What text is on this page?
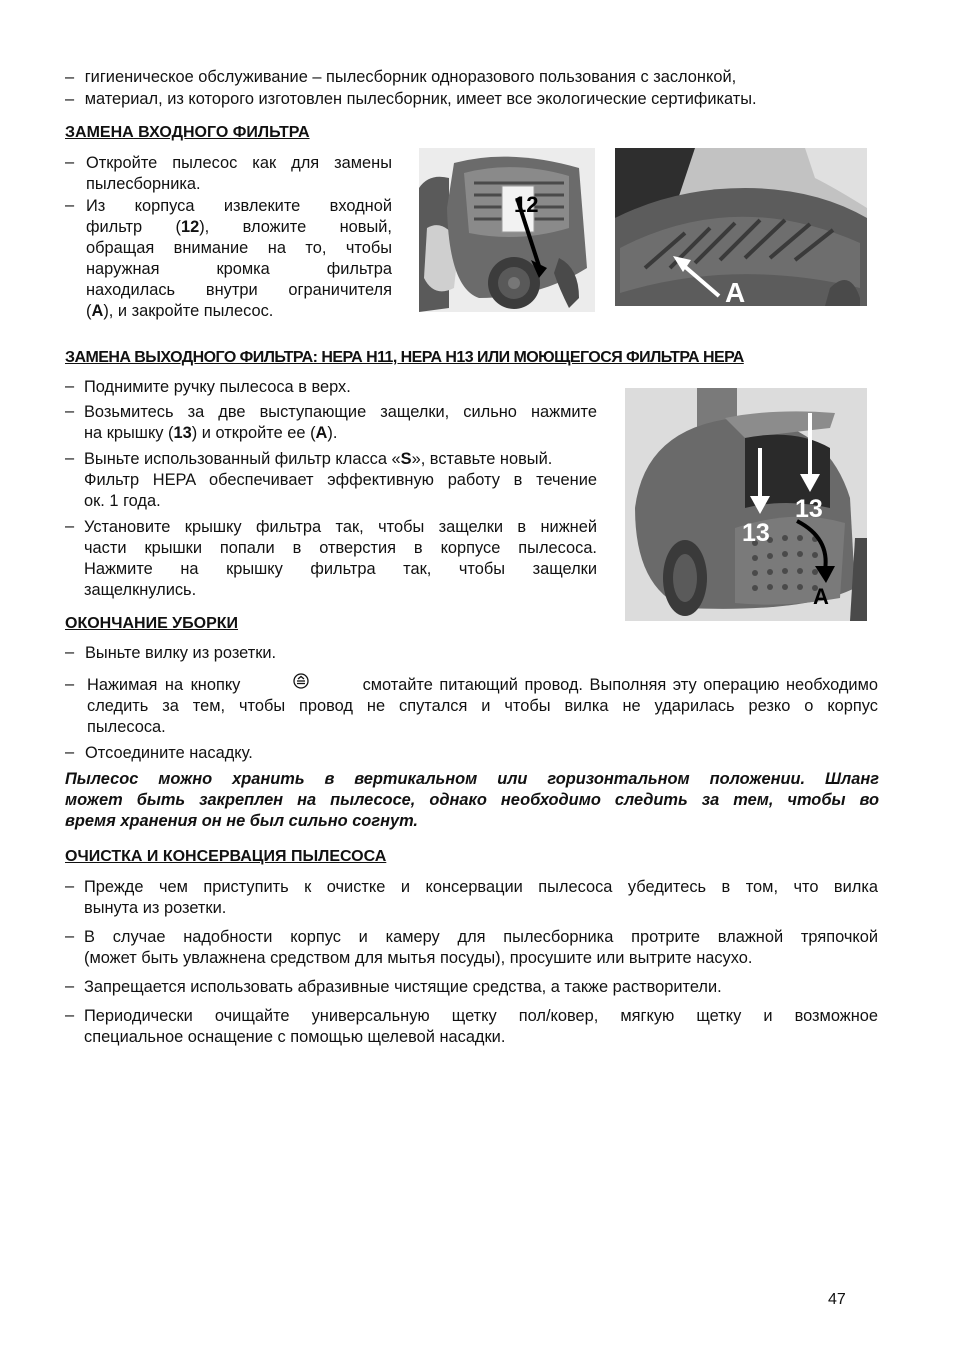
– гигиеническое обслуживание – пылесборник одноразового пользования с заслонкой,
– материал, из которого изготовлен пылесборник, имеет все экологические сертификаты.
ЗАМЕНА ВХОДНОГО ФИЛЬТРА
– Откройте пылесос как для замены
пылесборника.
– Из корпуса извлеките входной
фильтр (12), вложите новый,
обращая внимание на то, чтобы
наружная кромка фильтра
находилась внутри ограничителя
(A), и закройте пылесос.
12
A
ЗАМЕНА ВЫХОДНОГО ФИЛЬТРА: НЕРА H11, НЕРА H13 ИЛИ МОЮЩЕГОСЯ ФИЛЬТРА НЕРА
– Поднимите ручку пылесоса в верх.
– Возьмитесь за две выступающие защелки, сильно нажмите
на крышку (13) и откройте ее (A).
– Выньте использованный фильтр класса «S», вставьте новый.
Фильтр HEPA обеспечивает эффективную работу в течение
ок. 1 года.
– Установите крышку фильтра так, чтобы защелки в нижней
части крышки попали в отверстия в корпусе пылесоса.
Нажмите на крышку фильтра так, чтобы защелки
защелкнулись.
13
13
A
ОКОНЧАНИЕ УБОРКИ
– Выньте вилку из розетки.
– Нажимая на кнопку	смотайте питающий провод. Выполняя эту операцию необходимо
следить за тем, чтобы провод не спутался и чтобы вилка не ударилась резко о корпус
пылесоса.
– Отсоедините насадку.
Пылесос можно хранить в вертикальном или горизонтальном положении. Шланг
может быть закреплен на пылесосе, однако необходимо следить за тем, чтобы во
время хранения он не был сильно согнут.
ОЧИСТКА И КОНСЕРВАЦИЯ ПЫЛЕСОСА
– Прежде чем приступить к очистке и консервации пылесоса убедитесь в том, что вилка
вынута из розетки.
– В случае надобности корпус и камеру для пылесборника протрите влажной тряпочкой
(может быть увлажнена средством для мытья посуды), просушите или вытрите насухо.
– Запрещается использовать абразивные чистящие средства, а также растворители.
– Периодически очищайте универсальную щетку пол/ковер, мягкую щетку и возможное
специальное оснащение с помощью щелевой насадки.
47
